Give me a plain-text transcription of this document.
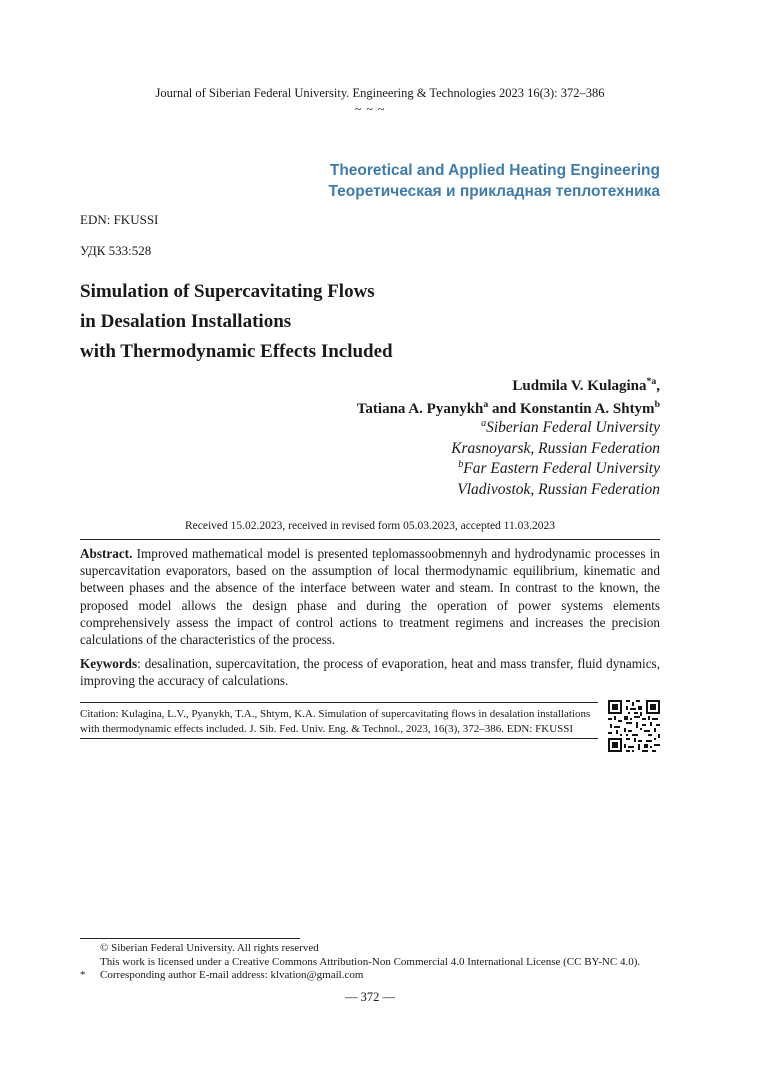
Journal of Siberian Federal University. Engineering & Technologies 2023 16(3): 372–386
~ ~ ~
Theoretical and Applied Heating Engineering
Теоретическая и прикладная теплотехника
EDN: FKUSSI
УДК 533:528
Simulation of Supercavitating Flows
in Desalation Installations
with Thermodynamic Effects Included
Ludmila V. Kulagina$^{*a}$,
Tatiana A. Pyanykh$^a$ and Konstantin A. Shtym$^b$
$^a$Siberian Federal University
Krasnoyarsk, Russian Federation
$^b$Far Eastern Federal University
Vladivostok, Russian Federation
Received 15.02.2023, received in revised form 05.03.2023, accepted 11.03.2023
Abstract. Improved mathematical model is presented teplomassoobmennyh and hydrodynamic processes in supercavitation evaporators, based on the assumption of local thermodynamic equilibrium, kinematic and between phases and the absence of the interface between water and steam. In contrast to the known, the proposed model allows the design phase and during the operation of power systems elements comprehensively assess the impact of control actions to treatment regimens and increases the precision calculations of the characteristics of the process.
Keywords: desalination, supercavitation, the process of evaporation, heat and mass transfer, fluid dynamics, improving the accuracy of calculations.
Citation: Kulagina, L.V., Pyanykh, T.A., Shtym, K.A. Simulation of supercavitating flows in desalation installations with thermodynamic effects included. J. Sib. Fed. Univ. Eng. & Technol., 2023, 16(3), 372–386. EDN: FKUSSI
© Siberian Federal University. All rights reserved
This work is licensed under a Creative Commons Attribution-Non Commercial 4.0 International License (CC BY-NC 4.0).
*	Corresponding author E-mail address: klvation@gmail.com
— 372 —
